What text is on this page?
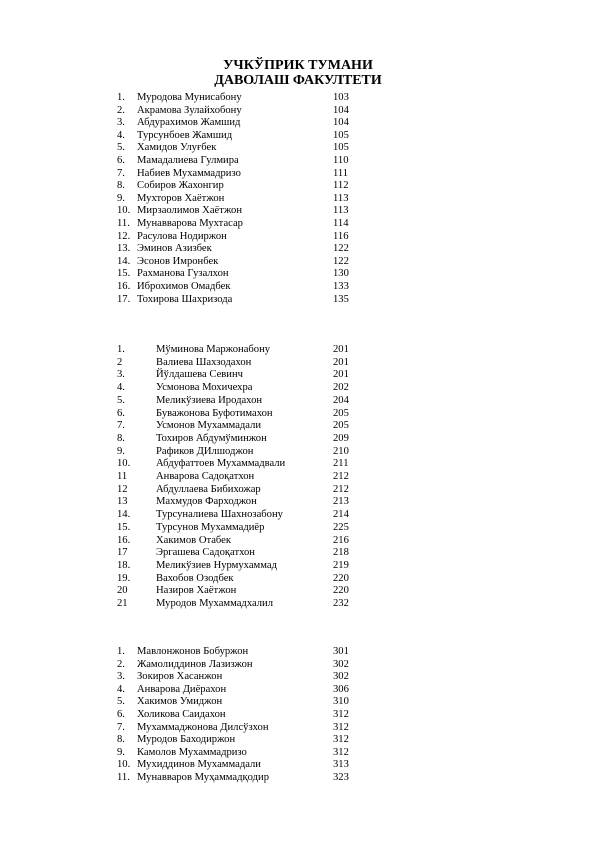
УЧКЎПРИК ТУМАНИ
ДАВОЛАШ ФАКУЛТЕТИ
1. Муродова Мунисабону	103
2. Акрамова Зулайхобону	104
3. Абдурахимов Жамшид	104
4. Турсунбоев Жамшид	105
5. Хамидов Улуғбек	105
6. Мамадалиева Гулмира	110
7. Набиев Мухаммадризо	111
8. Собиров Жахонгир	112
9. Мухторов Хаётжон	113
10. Мирзаолимов Хаётжон	113
11. Мунавварова Мухтасар	114
12. Расулова Нодиржон	116
13. Эминов Азизбек	122
14. Эсонов Имронбек	122
15. Рахманова Гузалхон	130
16. Иброхимов Омадбек	133
17. Тохирова Шахризода	135
1.	Мўминова Маржонабону	201
2	Валиева Шахзодахон	201
3.	Йўлдашева Севинч	201
4.	Усмонова Мохичехра	202
5.	Меликўзиева Иродахон	204
6.	Буважонова Буфотимахон	205
7.	Усмонов Мухаммадали	205
8.	Тохиров Абдумўминжон	209
9.	Рафиков ДИлшоджон	210
10. Абдуфаттоев Мухаммадвали	211
11	Анварова Садоқатхон	212
12	Абдуллаева Бибихожар	212
13	Махмудов Фарходжон	213
14. Турсуналиева Шахнозабону	214
15. Турсунов Мухаммадиёр	225
16. Хакимов Отабек	216
17	Эргашева Садоқатхон	218
18. Меликўзиев Нурмухаммад	219
19. Вахобов Озодбек	220
20	Назиров Хаётжон	220
21	Муродов Мухаммадхалил	232
1. Мавлонжонов Бобуржон	301
2. Жамолиддинов Лазизжон	302
3. Зокиров Хасанжон	302
4. Анварова Диёрахон	306
5. Хакимов Умиджон	310
6. Холикова Саидахон	312
7. Мухаммаджонова Дилсўзхон	312
8. Муродов Баходиржон	312
9. Камолов Мухаммадризо	312
10. Мухиддинов Мухаммадали	313
11. Мунавваров Муҳаммадқодир	323
